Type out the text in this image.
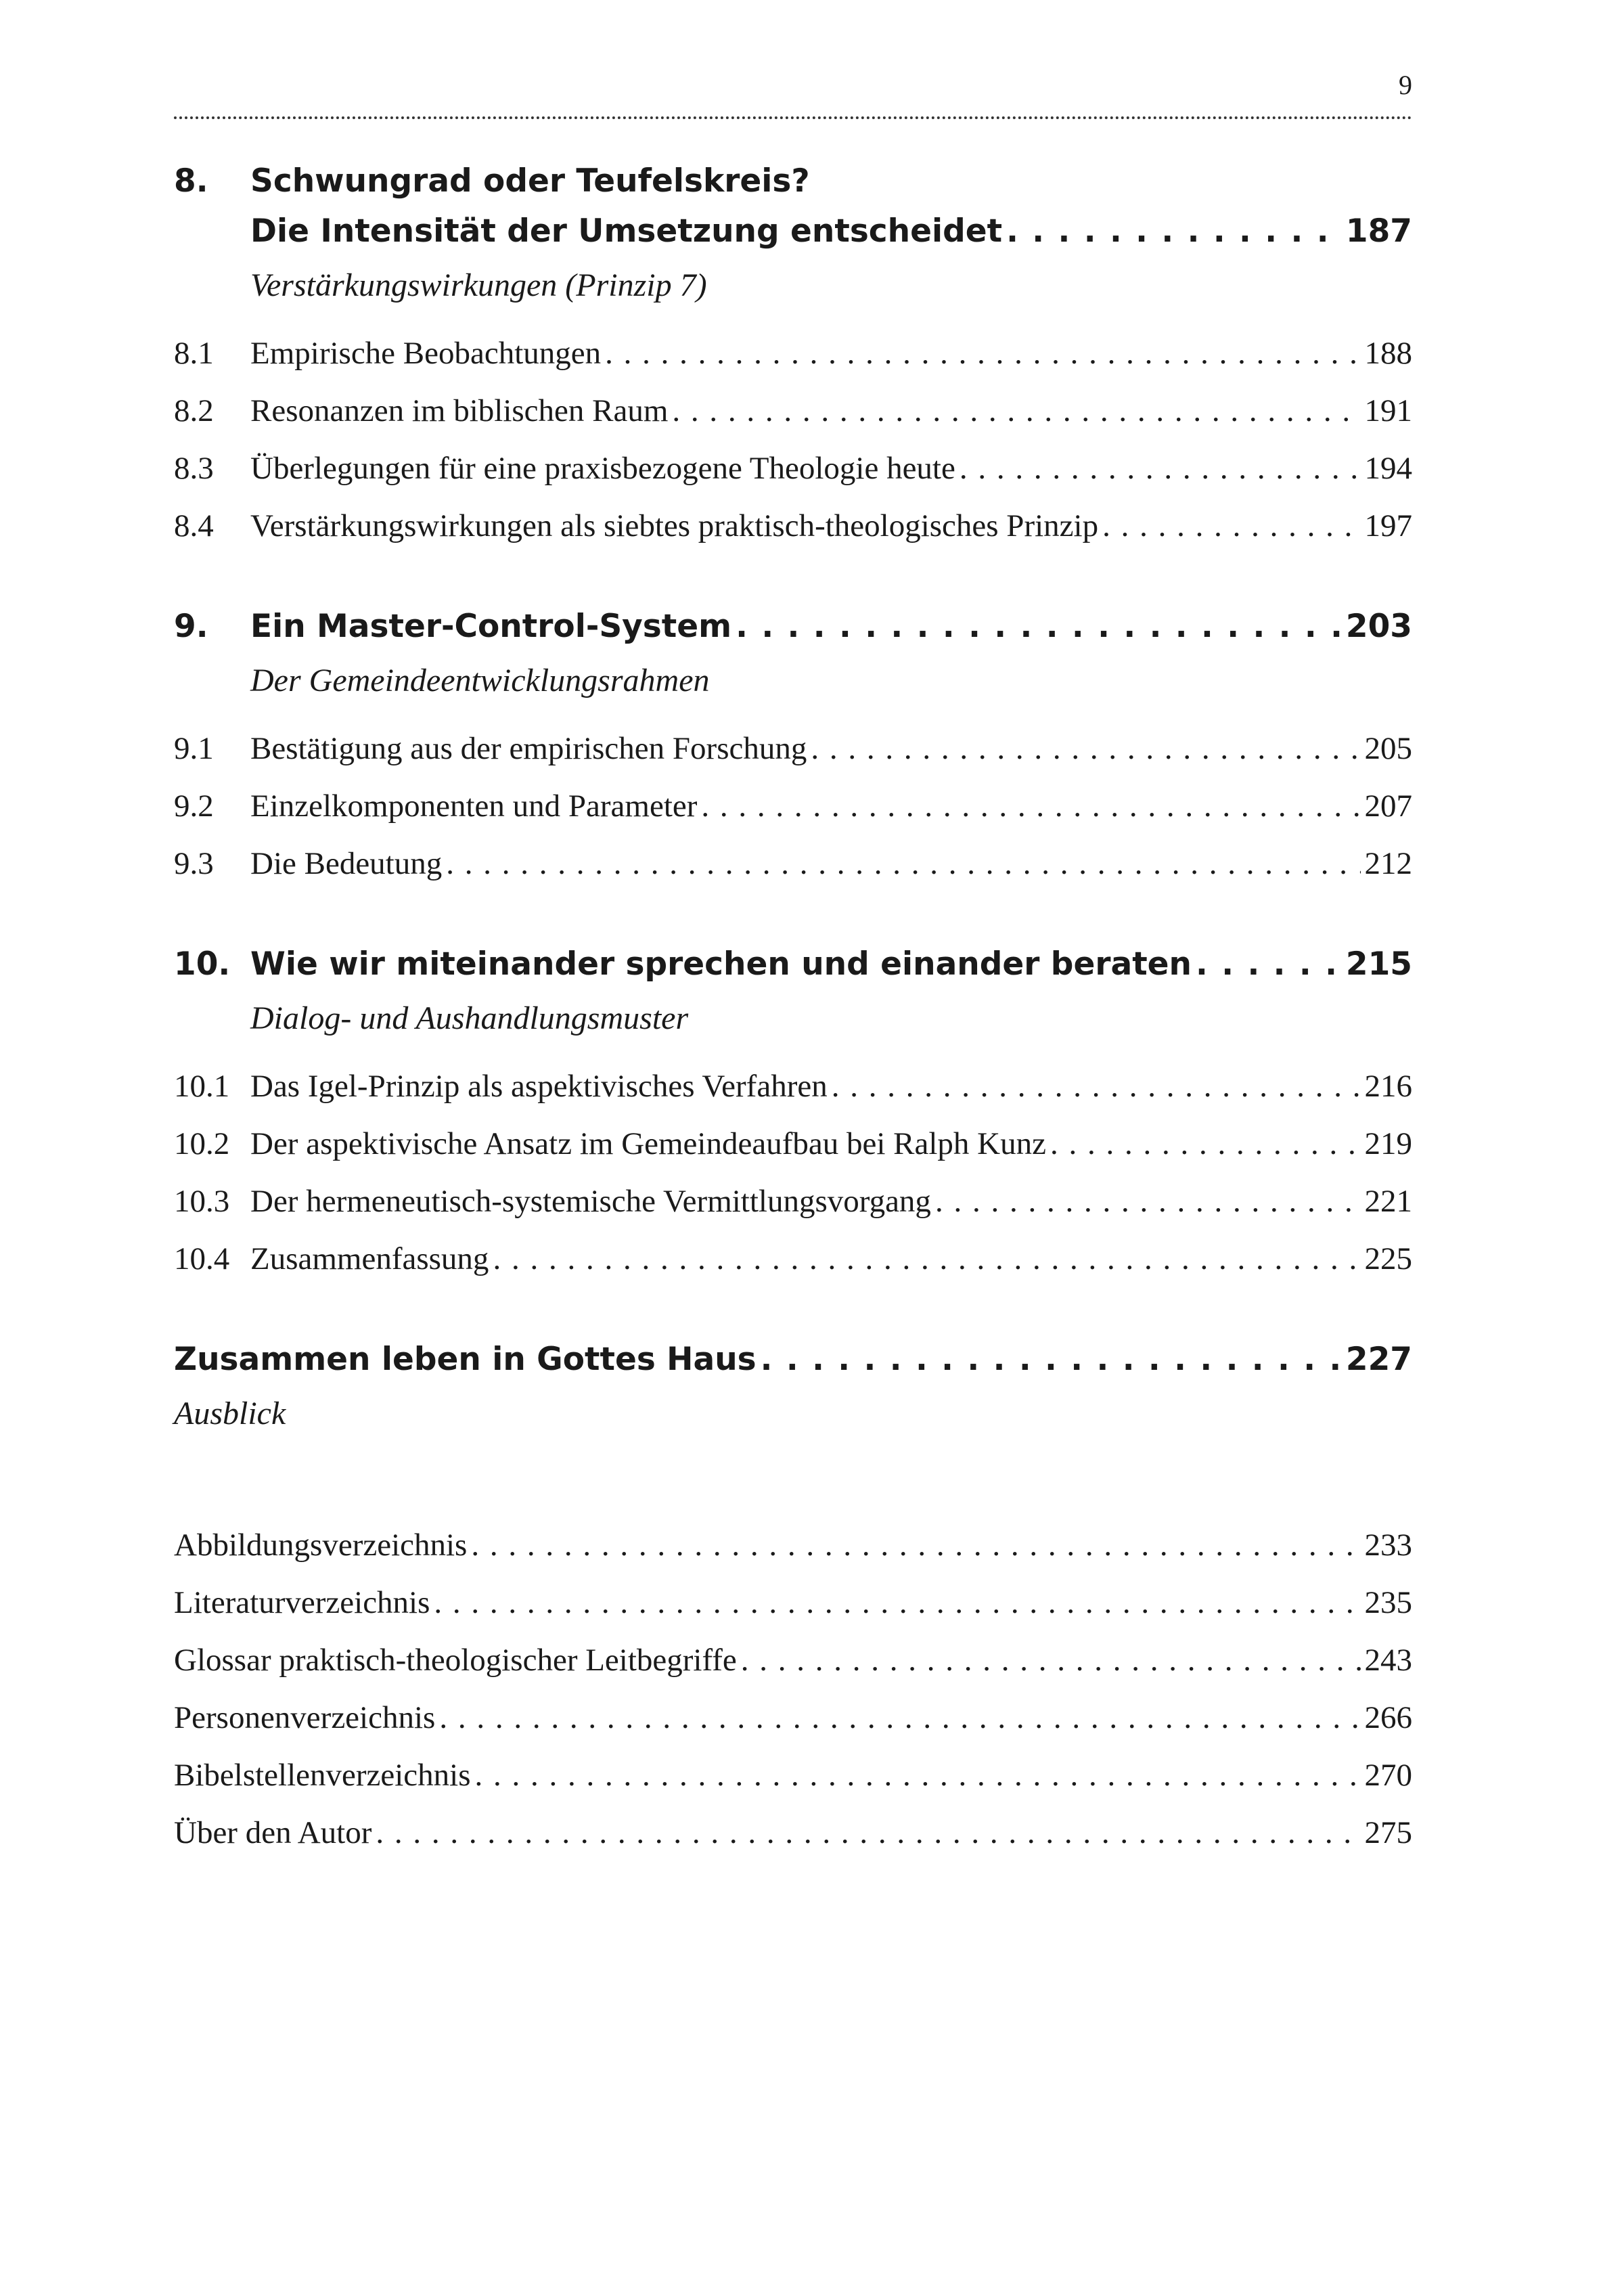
9
8.	Schwungrad oder Teufelskreis?
Die Intensität der Umsetzung entscheidet . . .	187
Verstärkungswirkungen (Prinzip 7)
8.1	Empirische Beobachtungen . . .	188
8.2	Resonanzen im biblischen Raum . . .	191
8.3	Überlegungen für eine praxisbezogene Theologie heute . . .	194
8.4	Verstärkungswirkungen als siebtes praktisch-theologisches Prinzip . . .	197
9.	Ein Master-Control-System . . .	203
Der Gemeindeentwicklungsrahmen
9.1	Bestätigung aus der empirischen Forschung . . .	205
9.2	Einzelkomponenten und Parameter . . .	207
9.3	Die Bedeutung . . .	212
10. Wie wir miteinander sprechen und einander beraten . . .	215
Dialog- und Aushandlungsmuster
10.1 Das Igel-Prinzip als aspektivisches Verfahren . . .	216
10.2 Der aspektivische Ansatz im Gemeindeaufbau bei Ralph Kunz . . .	219
10.3 Der hermeneutisch-systemische Vermittlungsvorgang . . .	221
10.4 Zusammenfassung . . .	225
Zusammen leben in Gottes Haus . . .	227
Ausblick
Abbildungsverzeichnis . . .	233
Literaturverzeichnis . . .	235
Glossar praktisch-theologischer Leitbegriffe . . .	243
Personenverzeichnis . . .	266
Bibelstellenverzeichnis . . .	270
Über den Autor . . .	275
